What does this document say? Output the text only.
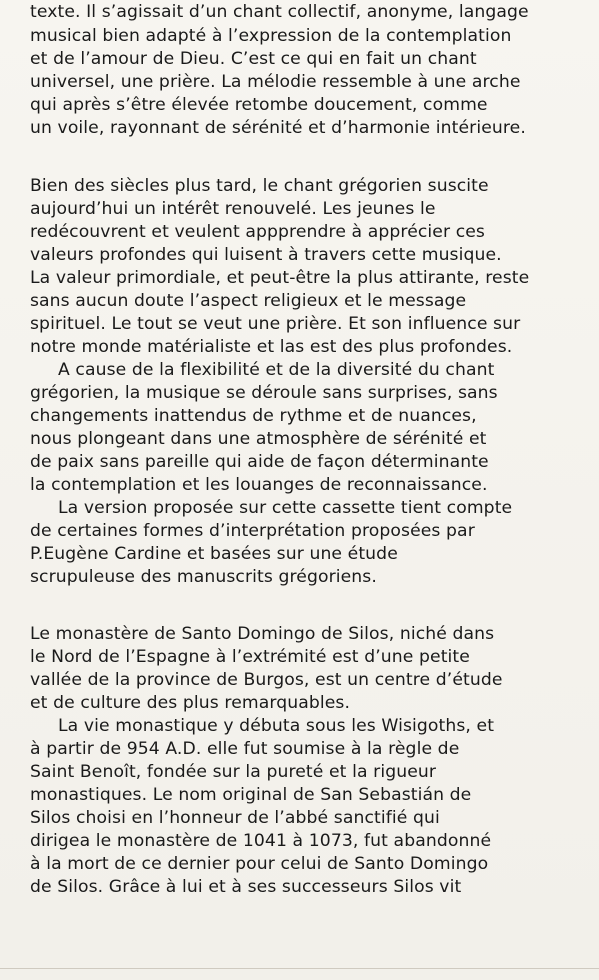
texte. Il s’agissait d’un chant collectif, anonyme, langage
musical bien adapté à l’expression de la contemplation
et de l’amour de Dieu. C’est ce qui en fait un chant
universel, une prière. La mélodie ressemble à une arche
qui après s’être élevée retombe doucement, comme
un voile, rayonnant de sérénité et d’harmonie intérieure.
Bien des siècles plus tard, le chant grégorien suscite
aujourd’hui un intérêt renouvelé. Les jeunes le
redécouvrent et veulent appprendre à apprécier ces
valeurs profondes qui luisent à travers cette musique.
La valeur primordiale, et peut-être la plus attirante, reste
sans aucun doute l’aspect religieux et le message
spirituel. Le tout se veut une prière. Et son influence sur
notre monde matérialiste et las est des plus profondes.
A cause de la flexibilité et de la diversité du chant
grégorien, la musique se déroule sans surprises, sans
changements inattendus de rythme et de nuances,
nous plongeant dans une atmosphère de sérénité et
de paix sans pareille qui aide de façon déterminante
la contemplation et les louanges de reconnaissance.
La version proposée sur cette cassette tient compte
de certaines formes d’interprétation proposées par
P.Eugène Cardine et basées sur une étude
scrupuleuse des manuscrits grégoriens.
Le monastère de Santo Domingo de Silos, niché dans
le Nord de l’Espagne à l’extrémité est d’une petite
vallée de la province de Burgos, est un centre d’étude
et de culture des plus remarquables.
La vie monastique y débuta sous les Wisigoths, et
à partir de 954 A.D. elle fut soumise à la règle de
Saint Benoît, fondée sur la pureté et la rigueur
monastiques. Le nom original de San Sebastián de
Silos choisi en l’honneur de l’abbé sanctifié qui
dirigea le monastère de 1041 à 1073, fut abandonné
à la mort de ce dernier pour celui de Santo Domingo
de Silos. Grâce à lui et à ses successeurs Silos vit
